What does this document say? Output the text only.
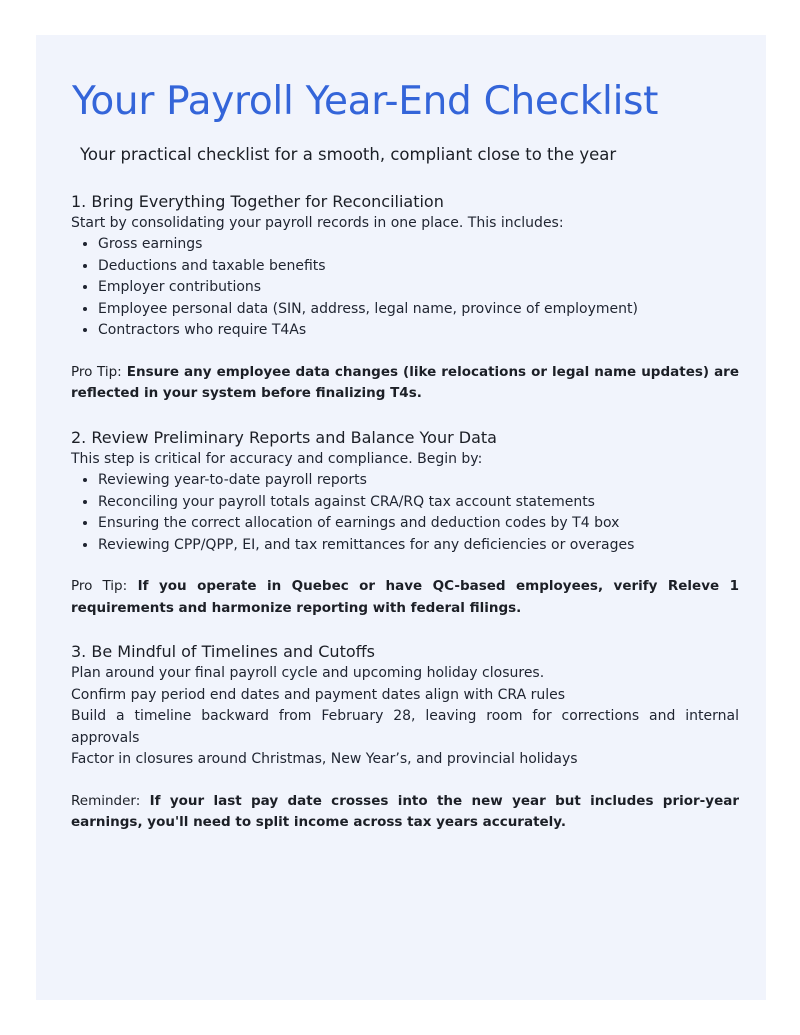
Your Payroll Year-End Checklist
Your practical checklist for a smooth, compliant close to the year
1. Bring Everything Together for Reconciliation

Start by consolidating your payroll records in one place. This includes:

• Gross earnings
• Deductions and taxable benefits
• Employer contributions
• Employee personal data (SIN, address, legal name, province of employment)
• Contractors who require T4As

Pro Tip: Ensure any employee data changes (like relocations or legal name updates) are reflected in your system before finalizing T4s.

2. Review Preliminary Reports and Balance Your Data

This step is critical for accuracy and compliance. Begin by:

• Reviewing year-to-date payroll reports
• Reconciling your payroll totals against CRA/RQ tax account statements
• Ensuring the correct allocation of earnings and deduction codes by T4 box
• Reviewing CPP/QPP, EI, and tax remittances for any deficiencies or overages

Pro Tip: If you operate in Quebec or have QC-based employees, verify Releve 1 requirements and harmonize reporting with federal filings.

3. Be Mindful of Timelines and Cutoffs

Plan around your final payroll cycle and upcoming holiday closures.

Confirm pay period end dates and payment dates align with CRA rules

Build a timeline backward from February 28, leaving room for corrections and internal approvals

Factor in closures around Christmas, New Year’s, and provincial holidays

Reminder: If your last pay date crosses into the new year but includes prior-year earnings, you'll need to split income across tax years accurately.
